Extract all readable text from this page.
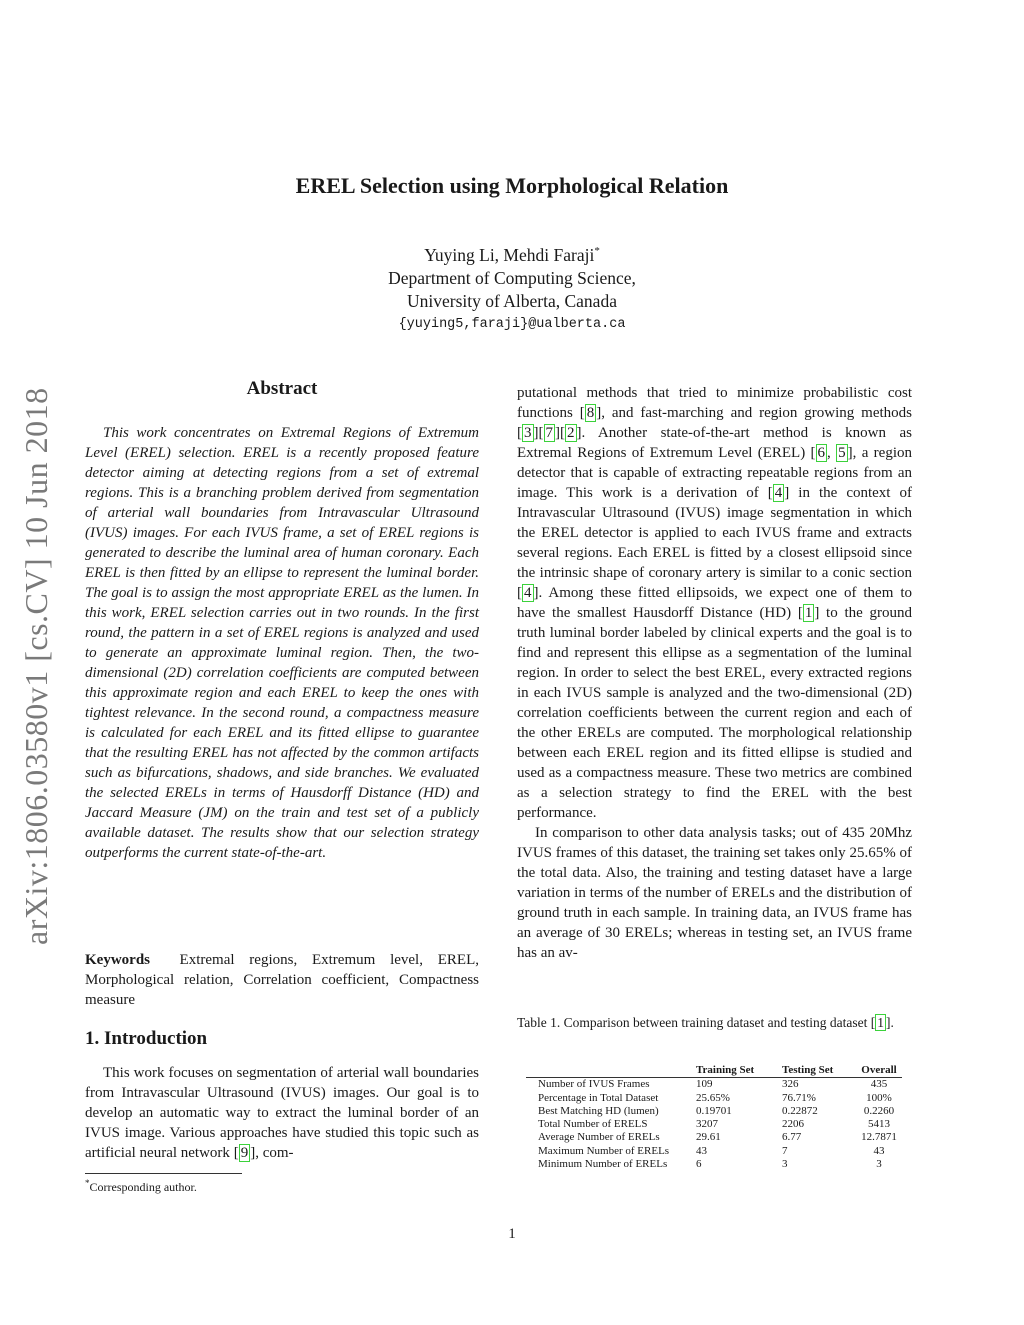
EREL Selection using Morphological Relation
Yuying Li, Mehdi Faraji*
Department of Computing Science,
University of Alberta, Canada
{yuying5,faraji}@ualberta.ca
arXiv:1806.03580v1 [cs.CV] 10 Jun 2018	Abstract

This work concentrates on Extremal Regions of Extremum Level (EREL) selection. EREL is a recently proposed feature detector aiming at detecting regions from a set of extremal regions. This is a branching problem derived from segmentation of arterial wall boundaries from Intravascular Ultrasound (IVUS) images. For each IVUS frame, a set of EREL regions is generated to describe the luminal area of human coronary. Each EREL is then fitted by an ellipse to represent the luminal border. The goal is to assign the most appropriate EREL as the lumen. In this work, EREL selection carries out in two rounds. In the first round, the pattern in a set of EREL regions is analyzed and used to generate an approximate luminal region. Then, the two-dimensional (2D) correlation coefficients are computed between this approximate region and each EREL to keep the ones with tightest relevance. In the second round, a compactness measure is calculated for each EREL and its fitted ellipse to guarantee that the resulting EREL has not affected by the common artifacts such as bifurcations, shadows, and side branches. We evaluated the selected ERELs in terms of Hausdorff Distance (HD) and Jaccard Measure (JM) on the train and test set of a publicly available dataset. The results show that our selection strategy outperforms the current state-of-the-art.

Keywords Extremal regions, Extremum level, EREL, Morphological relation, Correlation coefficient, Compactness measure

1. Introduction

This work focuses on segmentation of arterial wall boundaries from Intravascular Ultrasound (IVUS) images. Our goal is to develop an automatic way to extract the luminal border of an IVUS image. Various approaches have studied this topic such as artificial neural network [ 9 ], com-

*Corresponding author.

putational methods that tried to minimize probabilistic cost functions [ 8 ], and fast-marching and region growing methods [ 3 ][ 7 ][ 2 ]. Another state-of-the-art method is known as Extremal Regions of Extremum Level (EREL) [ 6 , 5 ], a region detector that is capable of extracting repeatable regions from an image. This work is a derivation of [ 4 ] in the context of Intravascular Ultrasound (IVUS) image segmentation in which the EREL detector is applied to each IVUS frame and extracts several regions. Each EREL is fitted by a closest ellipsoid since the intrinsic shape of coronary artery is similar to a conic section [ 4 ]. Among these fitted ellipsoids, we expect one of them to have the smallest Hausdorff Distance (HD) [ 1 ] to the ground truth luminal border labeled by clinical experts and the goal is to find and represent this ellipse as a segmentation of the luminal region. In order to select the best EREL, every extracted regions in each IVUS sample is analyzed and the two-dimensional (2D) correlation coefficients between the current region and each of the other ERELs are computed. The morphological relationship between each EREL region and its fitted ellipse is studied and used as a compactness measure. These two metrics are combined as a selection strategy to find the EREL with the best performance.

In comparison to other data analysis tasks; out of 435 20Mhz IVUS frames of this dataset, the training set takes only 25.65% of the total data. Also, the training and testing dataset have a large variation in terms of the number of ERELs and the distribution of ground truth in each sample. In training data, an IVUS frame has an average of 30 ERELs; whereas in testing set, an IVUS frame has an av-

Table 1. Comparison between training dataset and testing dataset [ 1 ].
	Training Set	Testing Set	Overall
Number of IVUS Frames	109	326	435
Percentage in Total Dataset	25.65%	76.71%	100%
Best Matching HD (lumen)	0.19701	0.22872	0.2260
Total Number of ERELS	3207	2206	5413
Average Number of ERELs	29.61	6.77	12.7871
Maximum Number of ERELs	43	7	43
Minimum Number of ERELs	6	3	3
1
